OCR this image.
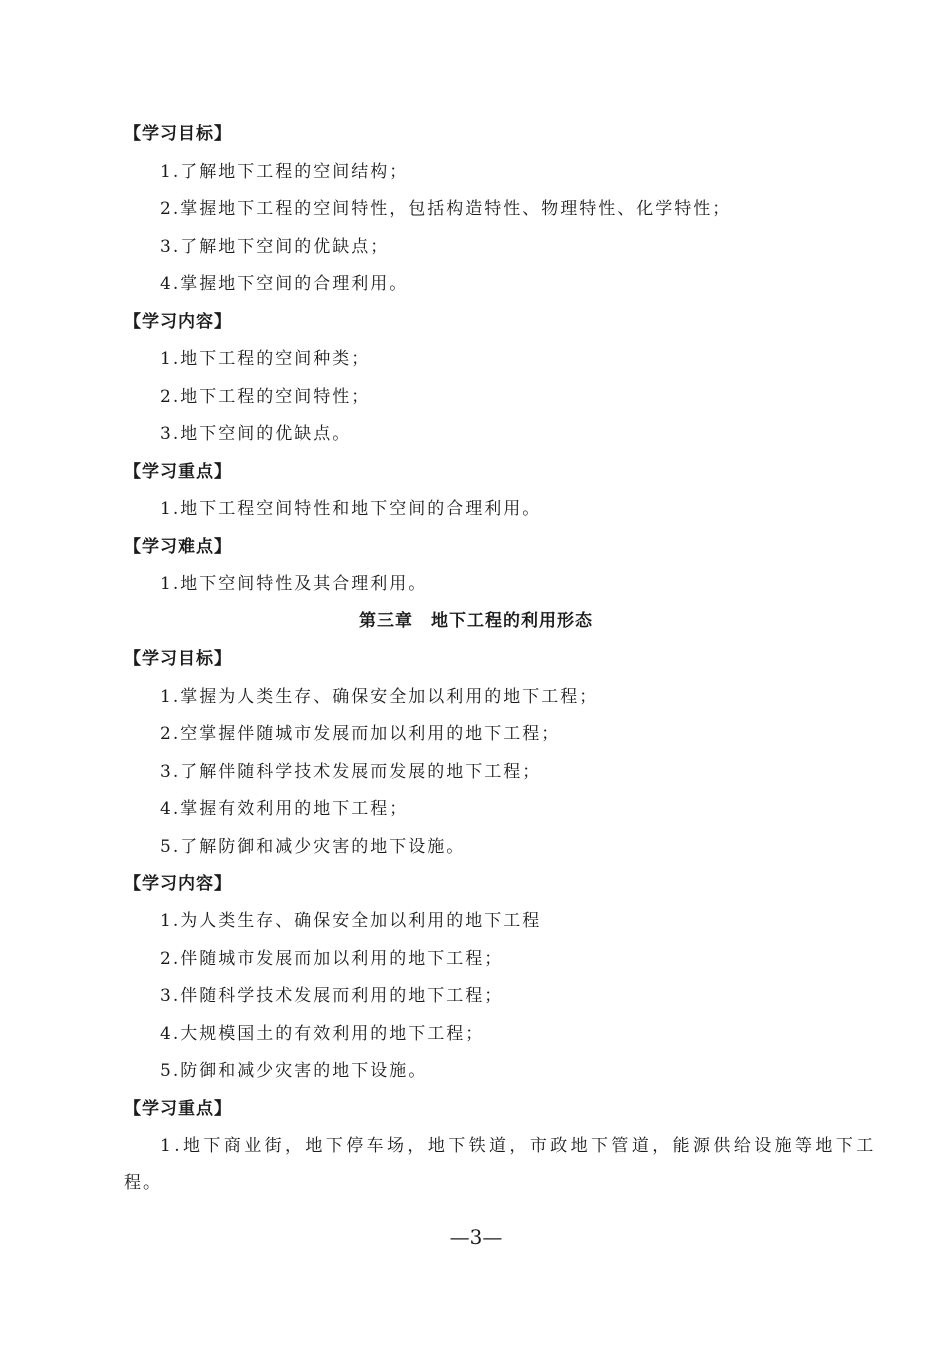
【学习目标】
1.了解地下工程的空间结构；
2.掌握地下工程的空间特性，包括构造特性、物理特性、化学特性；
3.了解地下空间的优缺点；
4.掌握地下空间的合理利用。
【学习内容】
1.地下工程的空间种类；
2.地下工程的空间特性；
3.地下空间的优缺点。
【学习重点】
1.地下工程空间特性和地下空间的合理利用。
【学习难点】
1.地下空间特性及其合理利用。
第三章　地下工程的利用形态
【学习目标】
1.掌握为人类生存、确保安全加以利用的地下工程；
2.空掌握伴随城市发展而加以利用的地下工程；
3.了解伴随科学技术发展而发展的地下工程；
4.掌握有效利用的地下工程；
5.了解防御和减少灾害的地下设施。
【学习内容】
1.为人类生存、确保安全加以利用的地下工程
2.伴随城市发展而加以利用的地下工程；
3.伴随科学技术发展而利用的地下工程；
4.大规模国土的有效利用的地下工程；
5.防御和减少灾害的地下设施。
【学习重点】
1.地下商业街，地下停车场，地下铁道，市政地下管道，能源供给设施等地下工
程。
—3—
